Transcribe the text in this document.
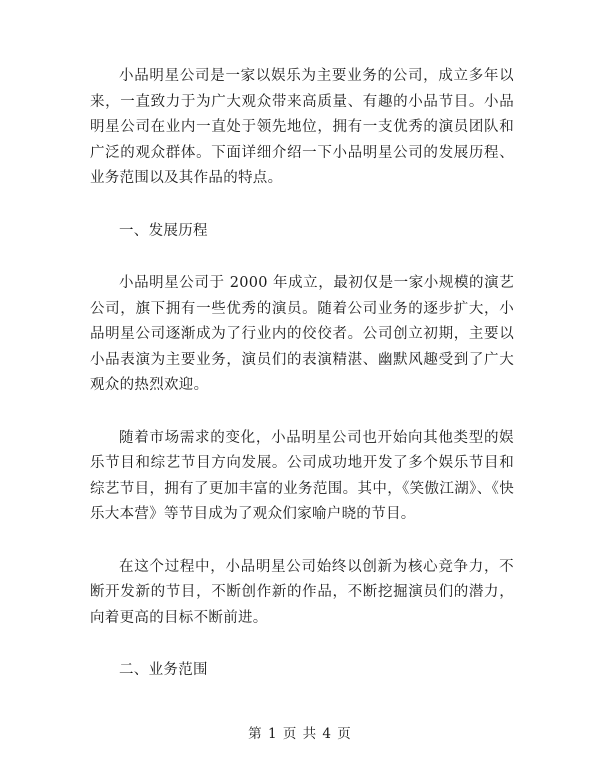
小品明星公司是一家以娱乐为主要业务的公司，成立多年以来，一直致力于为广大观众带来高质量、有趣的小品节目。小品明星公司在业内一直处于领先地位，拥有一支优秀的演员团队和广泛的观众群体。下面详细介绍一下小品明星公司的发展历程、业务范围以及其作品的特点。

一、发展历程

小品明星公司于 2000 年成立，最初仅是一家小规模的演艺公司，旗下拥有一些优秀的演员。随着公司业务的逐步扩大，小品明星公司逐渐成为了行业内的佼佼者。公司创立初期，主要以小品表演为主要业务，演员们的表演精湛、幽默风趣受到了广大观众的热烈欢迎。

随着市场需求的变化，小品明星公司也开始向其他类型的娱乐节目和综艺节目方向发展。公司成功地开发了多个娱乐节目和综艺节目，拥有了更加丰富的业务范围。其中，《笑傲江湖》、《快乐大本营》等节目成为了观众们家喻户晓的节目。

在这个过程中，小品明星公司始终以创新为核心竞争力，不断开发新的节目，不断创作新的作品，不断挖掘演员们的潜力，向着更高的目标不断前进。

二、业务范围
第 1 页 共 4 页
